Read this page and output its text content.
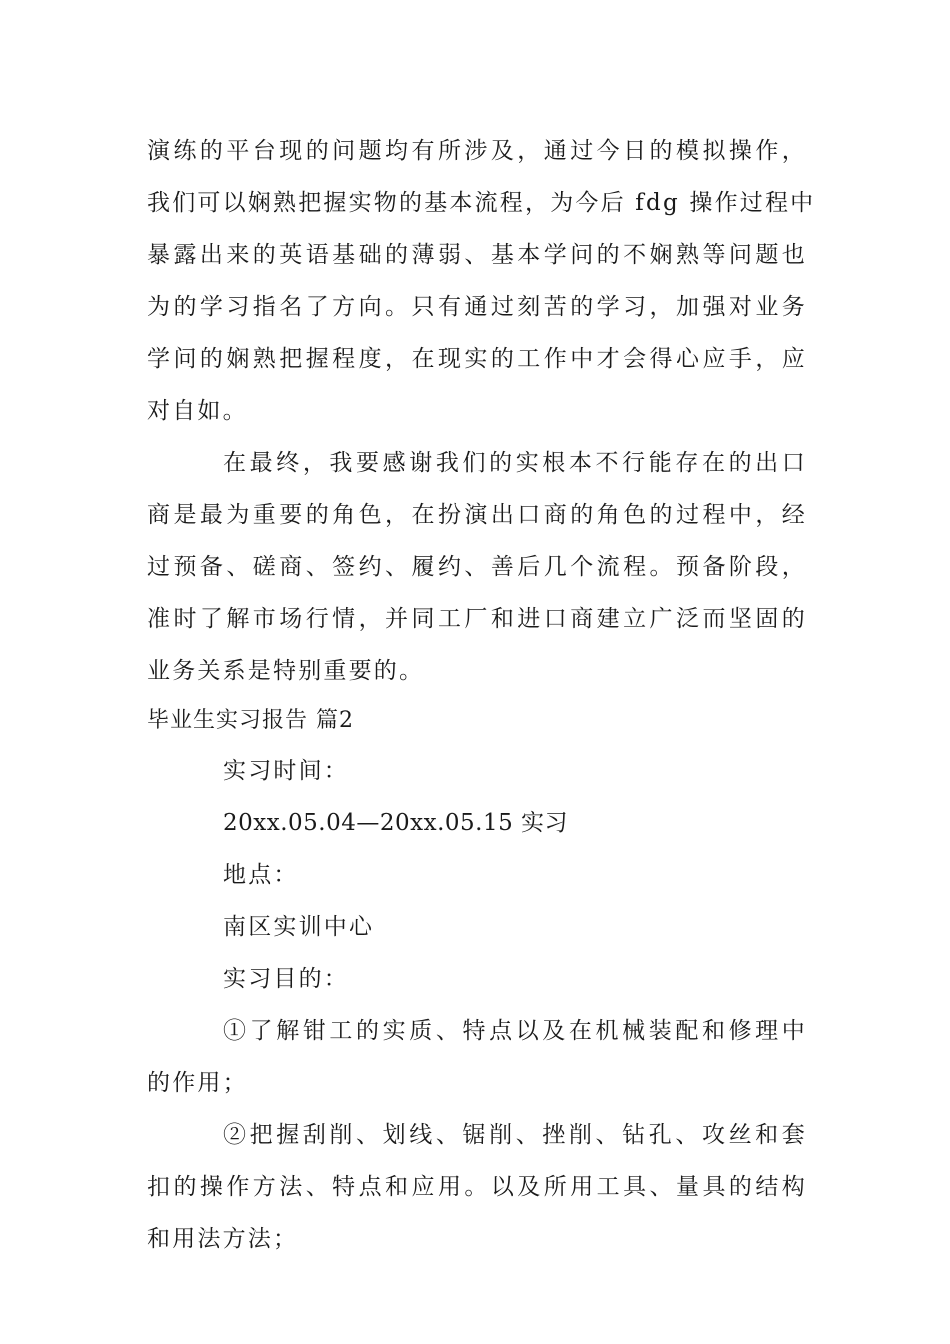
演练的平台现的问题均有所涉及，通过今日的模拟操作，
我们可以娴熟把握实物的基本流程，为今后 fdg 操作过程中
暴露出来的英语基础的薄弱、基本学问的不娴熟等问题也
为的学习指名了方向。只有通过刻苦的学习，加强对业务
学问的娴熟把握程度，在现实的工作中才会得心应手，应
对自如。
在最终，我要感谢我们的实根本不行能存在的出口
商是最为重要的角色，在扮演出口商的角色的过程中，经
过预备、磋商、签约、履约、善后几个流程。预备阶段，
准时了解市场行情，并同工厂和进口商建立广泛而坚固的
业务关系是特别重要的。
毕业生实习报告 篇2
实习时间：
20xx.05.04—20xx.05.15 实习
地点：
南区实训中心
实习目的：
①了解钳工的实质、特点以及在机械装配和修理中
的作用；
②把握刮削、划线、锯削、挫削、钻孔、攻丝和套
扣的操作方法、特点和应用。以及所用工具、量具的结构
和用法方法；
